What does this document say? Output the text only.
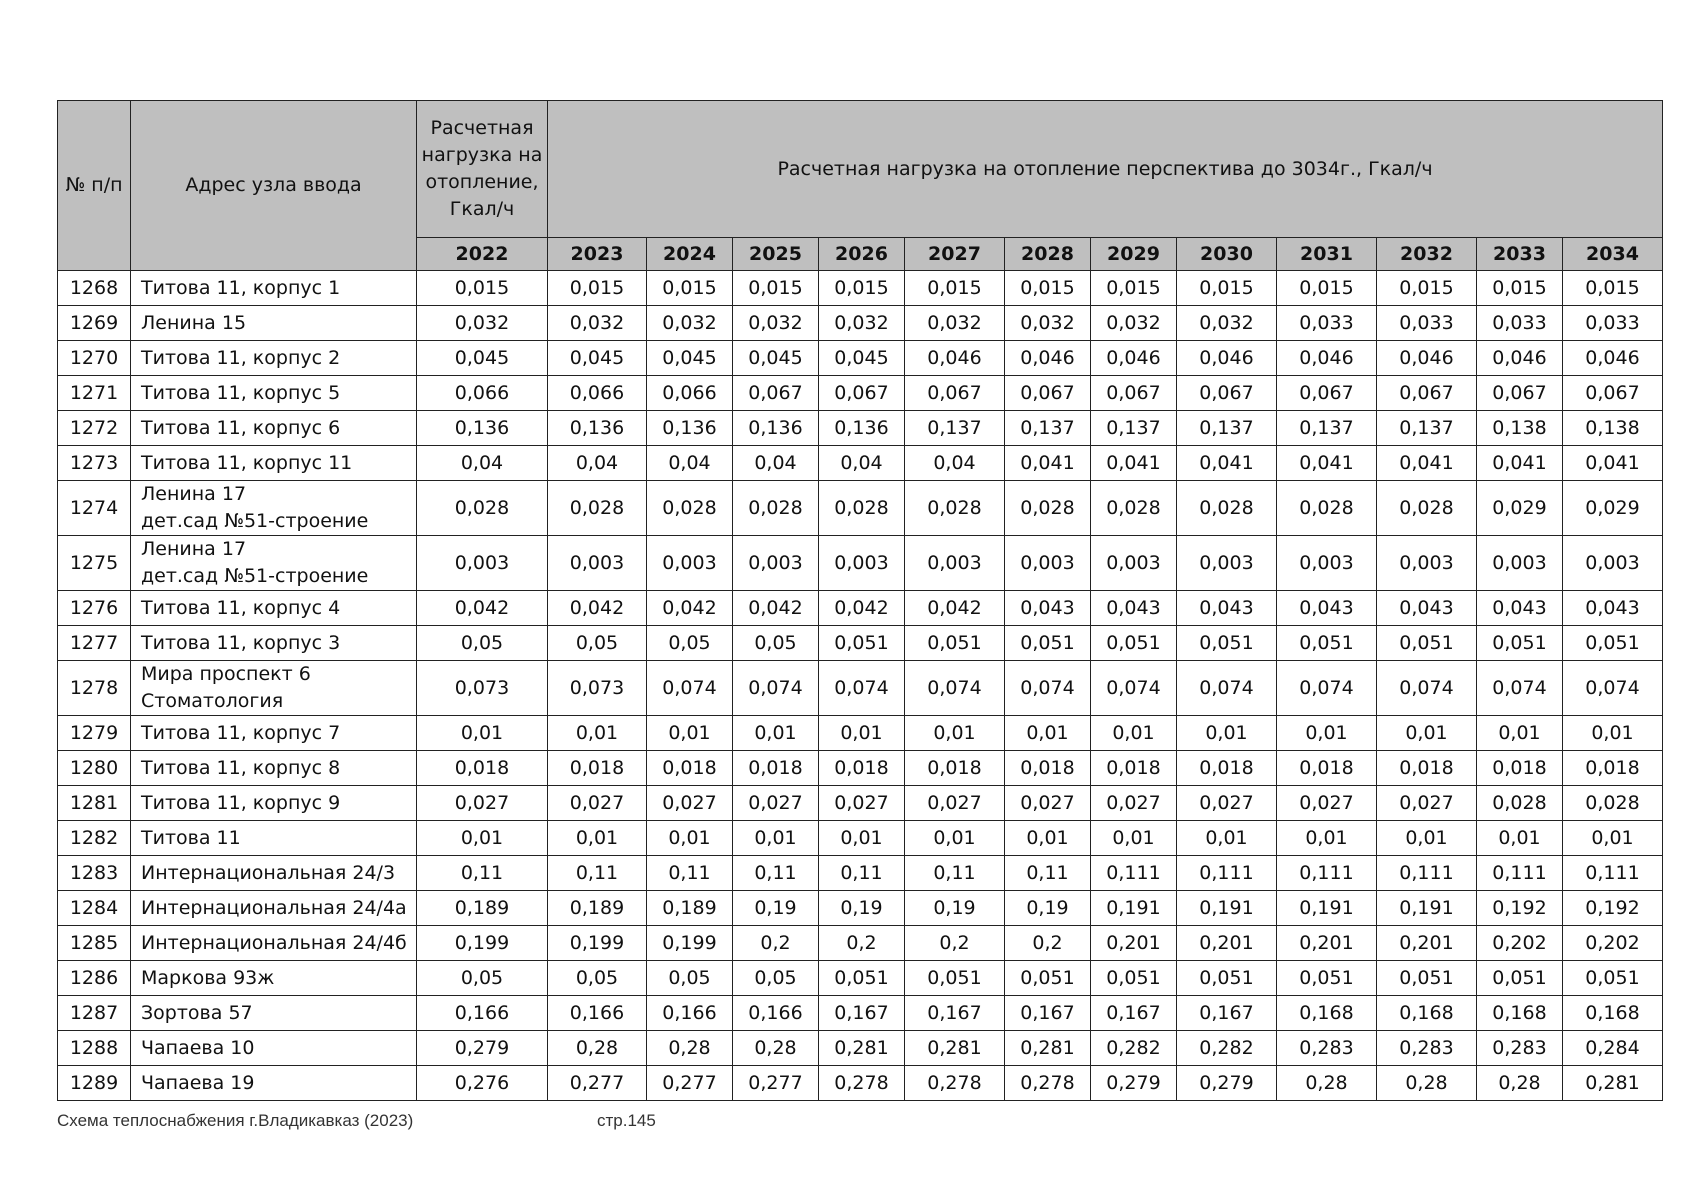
№ п/п	Адрес узла ввода	Расчетная нагрузка на отопление, Гкал/ч	Расчетная нагрузка на отопление перспектива до 3034г., Гкал/ч											
		2022	2023	2024	2025	2026	2027	2028	2029	2030	2031	2032	2033	2034
1268	Титова 11, корпус 1	0,015	0,015	0,015	0,015	0,015	0,015	0,015	0,015	0,015	0,015	0,015	0,015	0,015
1269	Ленина 15	0,032	0,032	0,032	0,032	0,032	0,032	0,032	0,032	0,032	0,033	0,033	0,033	0,033
1270	Титова 11, корпус 2	0,045	0,045	0,045	0,045	0,045	0,046	0,046	0,046	0,046	0,046	0,046	0,046	0,046
1271	Титова 11, корпус 5	0,066	0,066	0,066	0,067	0,067	0,067	0,067	0,067	0,067	0,067	0,067	0,067	0,067
1272	Титова 11, корпус 6	0,136	0,136	0,136	0,136	0,136	0,137	0,137	0,137	0,137	0,137	0,137	0,138	0,138
1273	Титова 11, корпус 11	0,04	0,04	0,04	0,04	0,04	0,04	0,041	0,041	0,041	0,041	0,041	0,041	0,041
1274	Ленина 17
дет.сад №51-строение	0,028	0,028	0,028	0,028	0,028	0,028	0,028	0,028	0,028	0,028	0,028	0,029	0,029
1275	Ленина 17
дет.сад №51-строение	0,003	0,003	0,003	0,003	0,003	0,003	0,003	0,003	0,003	0,003	0,003	0,003	0,003
1276	Титова 11, корпус 4	0,042	0,042	0,042	0,042	0,042	0,042	0,043	0,043	0,043	0,043	0,043	0,043	0,043
1277	Титова 11, корпус 3	0,05	0,05	0,05	0,05	0,051	0,051	0,051	0,051	0,051	0,051	0,051	0,051	0,051
1278	Мира проспект 6
Стоматология	0,073	0,073	0,074	0,074	0,074	0,074	0,074	0,074	0,074	0,074	0,074	0,074	0,074
1279	Титова 11, корпус 7	0,01	0,01	0,01	0,01	0,01	0,01	0,01	0,01	0,01	0,01	0,01	0,01	0,01
1280	Титова 11, корпус 8	0,018	0,018	0,018	0,018	0,018	0,018	0,018	0,018	0,018	0,018	0,018	0,018	0,018
1281	Титова 11, корпус 9	0,027	0,027	0,027	0,027	0,027	0,027	0,027	0,027	0,027	0,027	0,027	0,028	0,028
1282	Титова 11	0,01	0,01	0,01	0,01	0,01	0,01	0,01	0,01	0,01	0,01	0,01	0,01	0,01
1283	Интернациональная 24/3	0,11	0,11	0,11	0,11	0,11	0,11	0,11	0,111	0,111	0,111	0,111	0,111	0,111
1284	Интернациональная 24/4а	0,189	0,189	0,189	0,19	0,19	0,19	0,19	0,191	0,191	0,191	0,191	0,192	0,192
1285	Интернациональная 24/4б	0,199	0,199	0,199	0,2	0,2	0,2	0,2	0,201	0,201	0,201	0,201	0,202	0,202
1286	Маркова 93ж	0,05	0,05	0,05	0,05	0,051	0,051	0,051	0,051	0,051	0,051	0,051	0,051	0,051
1287	Зортова 57	0,166	0,166	0,166	0,166	0,167	0,167	0,167	0,167	0,167	0,168	0,168	0,168	0,168
1288	Чапаева 10	0,279	0,28	0,28	0,28	0,281	0,281	0,281	0,282	0,282	0,283	0,283	0,283	0,284
1289	Чапаева 19	0,276	0,277	0,277	0,277	0,278	0,278	0,278	0,279	0,279	0,28	0,28	0,28	0,281
Схема теплоснабжения г.Владикавказ (2023)	стр.145
